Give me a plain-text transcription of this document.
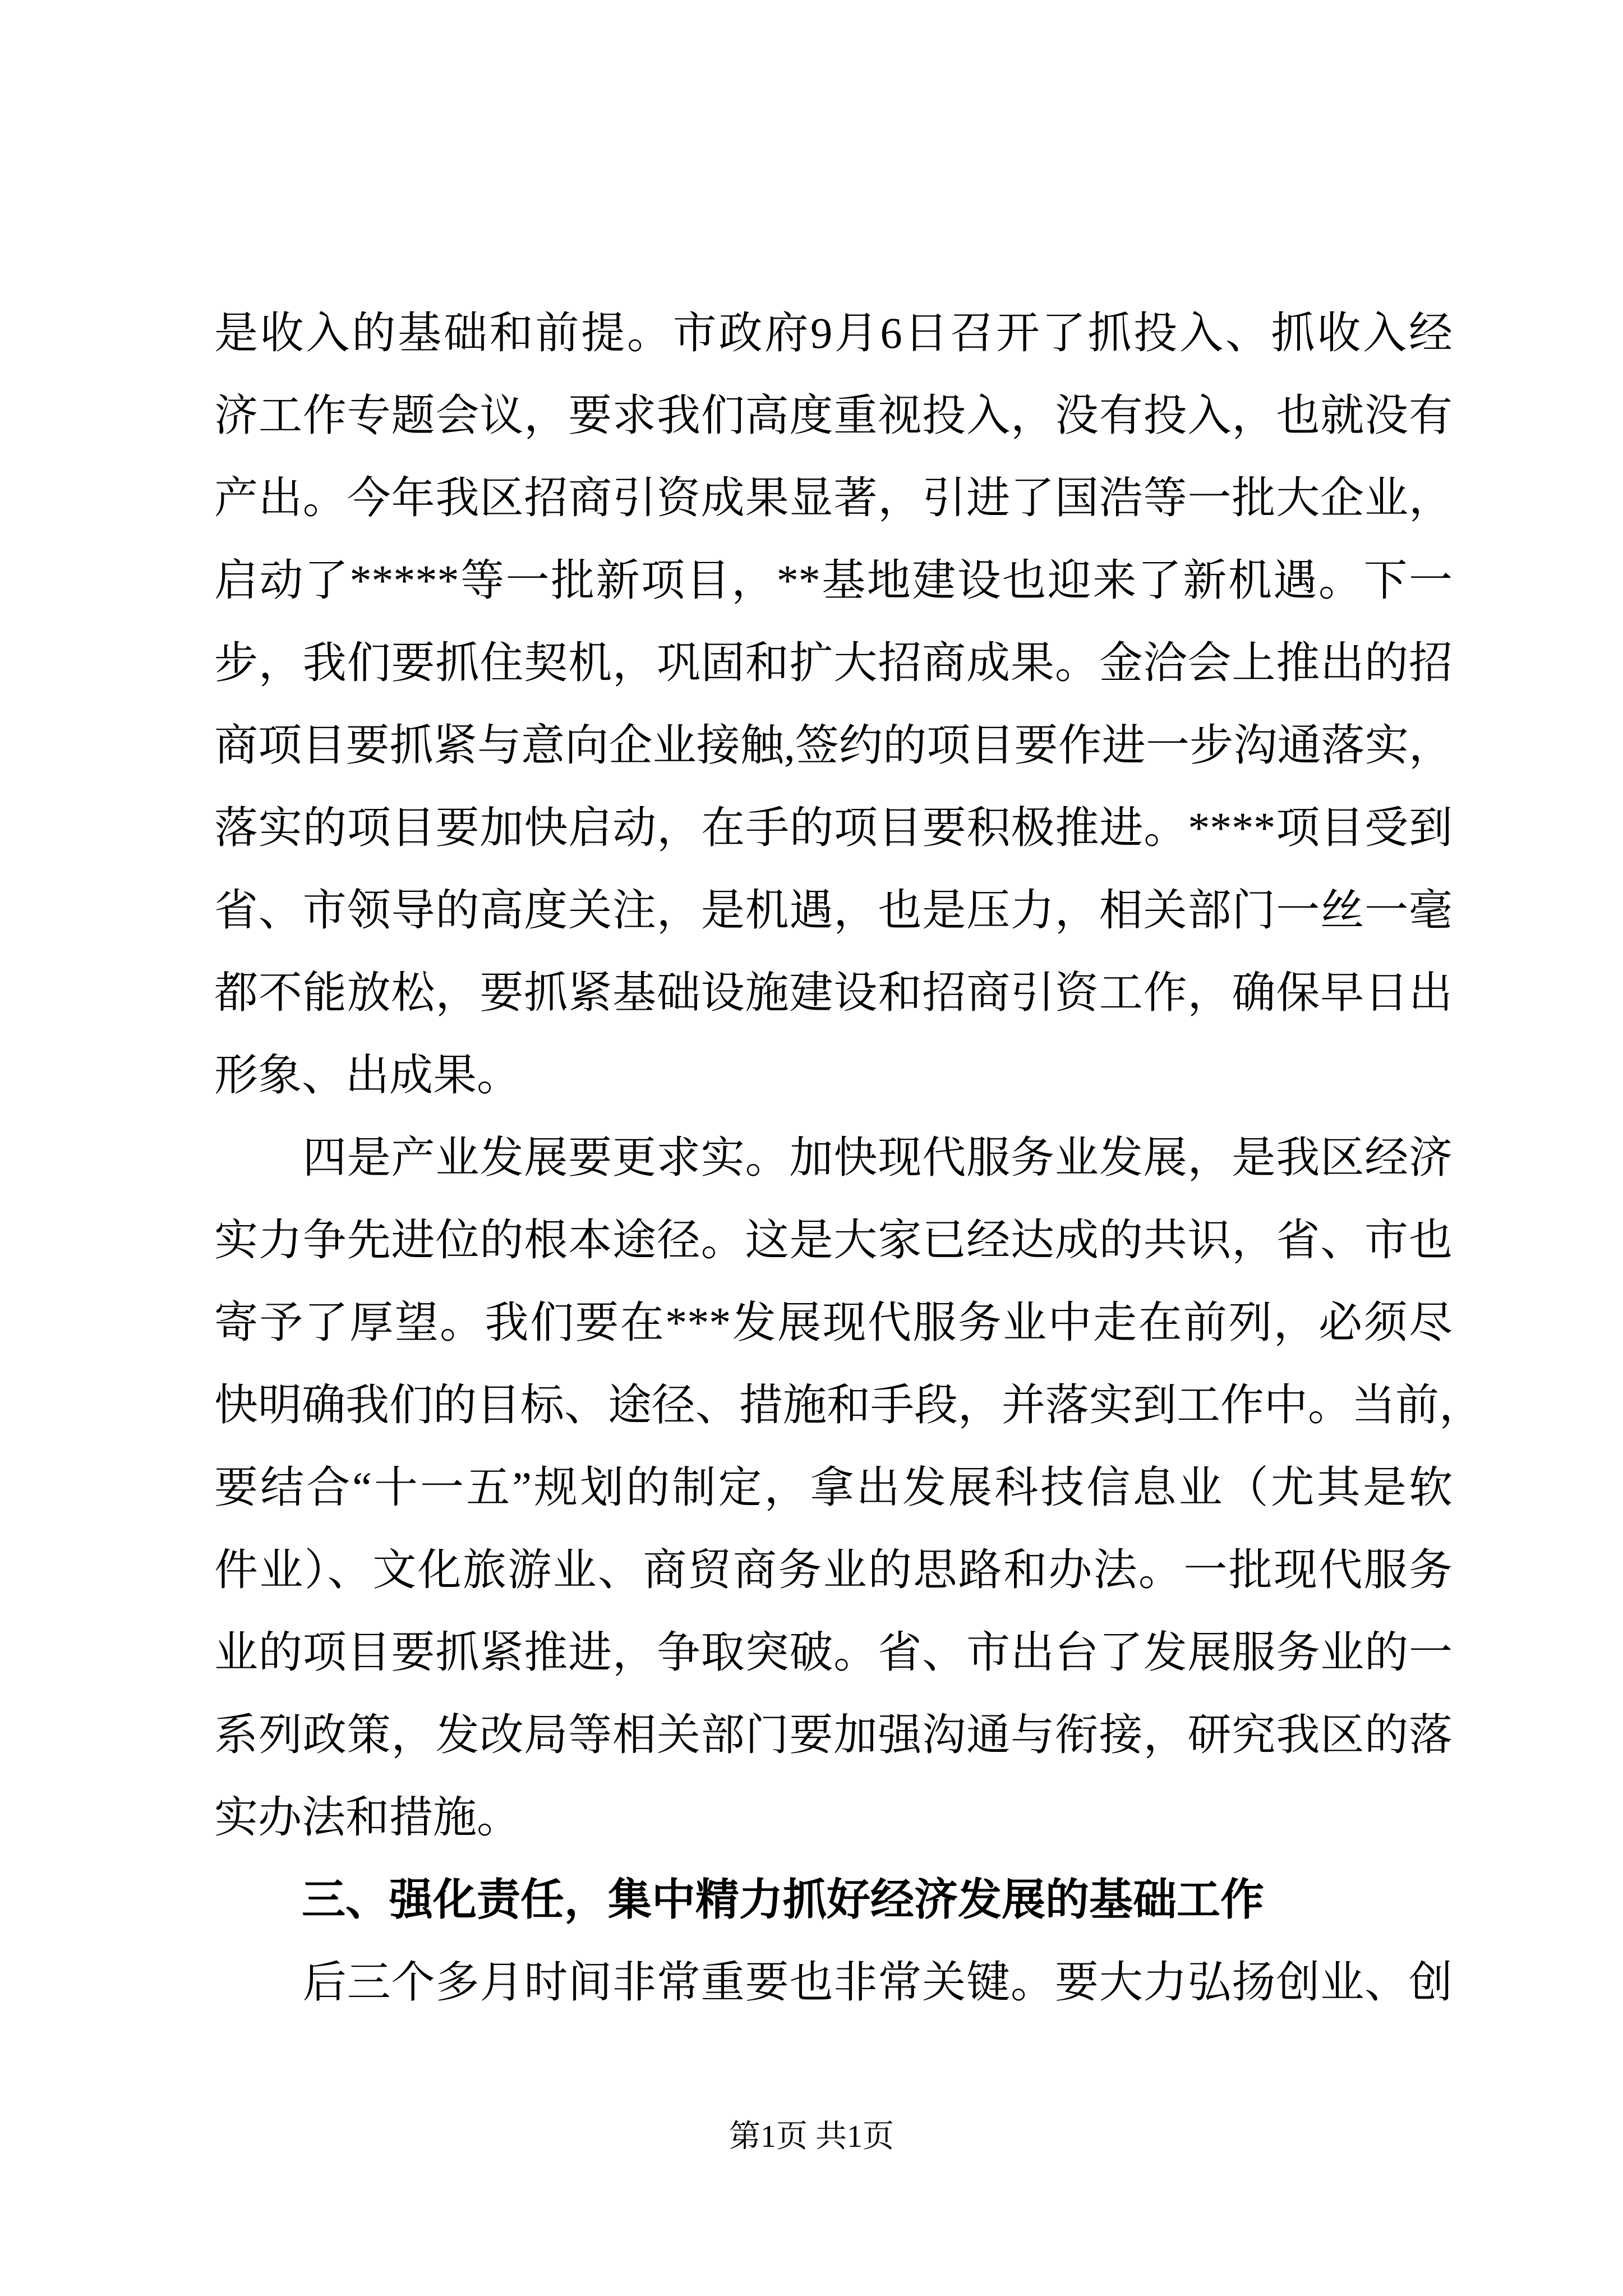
是收入的基础和前提。市政府9月6日召开了抓投入、抓收入经
济工作专题会议，要求我们高度重视投入，没有投入，也就没有
产出。今年我区招商引资成果显著，引进了国浩等一批大企业，
启动了*****等一批新项目，**基地建设也迎来了新机遇。下一
步，我们要抓住契机，巩固和扩大招商成果。金洽会上推出的招
商项目要抓紧与意向企业接触,签约的项目要作进一步沟通落实，
落实的项目要加快启动，在手的项目要积极推进。****项目受到
省、市领导的高度关注，是机遇，也是压力，相关部门一丝一毫
都不能放松，要抓紧基础设施建设和招商引资工作，确保早日出
形象、出成果。
　　四是产业发展要更求实。加快现代服务业发展，是我区经济
实力争先进位的根本途径。这是大家已经达成的共识，省、市也
寄予了厚望。我们要在***发展现代服务业中走在前列，必须尽
快明确我们的目标、途径、措施和手段，并落实到工作中。当前，
要结合“十一五”规划的制定，拿出发展科技信息业（尤其是软
件业）、文化旅游业、商贸商务业的思路和办法。一批现代服务
业的项目要抓紧推进，争取突破。省、市出台了发展服务业的一
系列政策，发改局等相关部门要加强沟通与衔接，研究我区的落
实办法和措施。
　　三、强化责任，集中精力抓好经济发展的基础工作
　　后三个多月时间非常重要也非常关键。要大力弘扬创业、创
第1页 共1页
